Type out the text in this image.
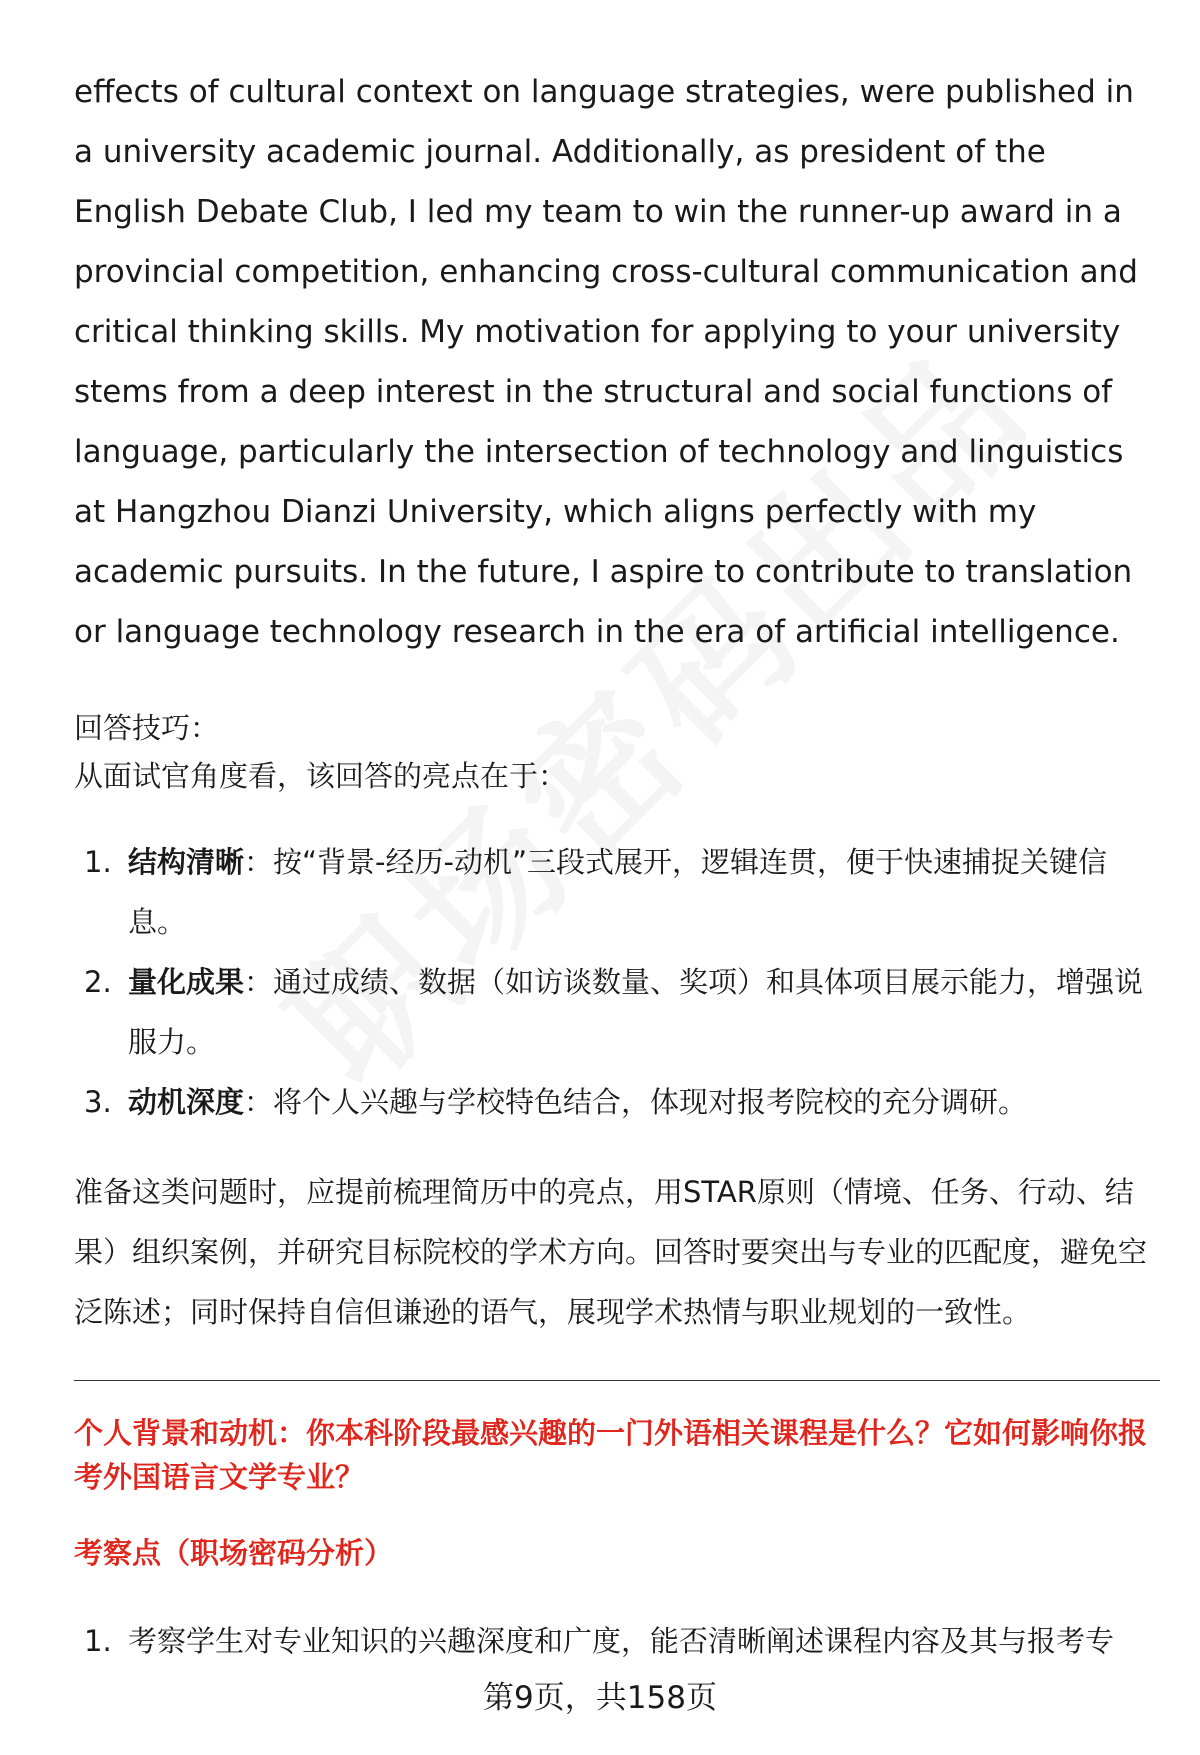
effects of cultural context on language strategies, were published in a university academic journal. Additionally, as president of the English Debate Club, I led my team to win the runner-up award in a provincial competition, enhancing cross-cultural communication and critical thinking skills. My motivation for applying to your university stems from a deep interest in the structural and social functions of language, particularly the intersection of technology and linguistics at Hangzhou Dianzi University, which aligns perfectly with my academic pursuits. In the future, I aspire to contribute to translation or language technology research in the era of artificial intelligence.

回答技巧：

从面试官角度看，该回答的亮点在于：

1. 结构清晰：按“背景-经历-动机”三段式展开，逻辑连贯，便于快速捕捉关键信息。
2. 量化成果：通过成绩、数据（如访谈数量、奖项）和具体项目展示能力，增强说服力。
3. 动机深度：将个人兴趣与学校特色结合，体现对报考院校的充分调研。

准备这类问题时，应提前梳理简历中的亮点，用STAR原则（情境、任务、行动、结果）组织案例，并研究目标院校的学术方向。回答时要突出与专业的匹配度，避免空泛陈述；同时保持自信但谦逊的语气，展现学术热情与职业规划的一致性。

个人背景和动机：你本科阶段最感兴趣的一门外语相关课程是什么？它如何影响你报考外国语言文学专业？

考察点（职场密码分析）

1. 考察学生对专业知识的兴趣深度和广度，能否清晰阐述课程内容及其与报考专
第9页，共158页
